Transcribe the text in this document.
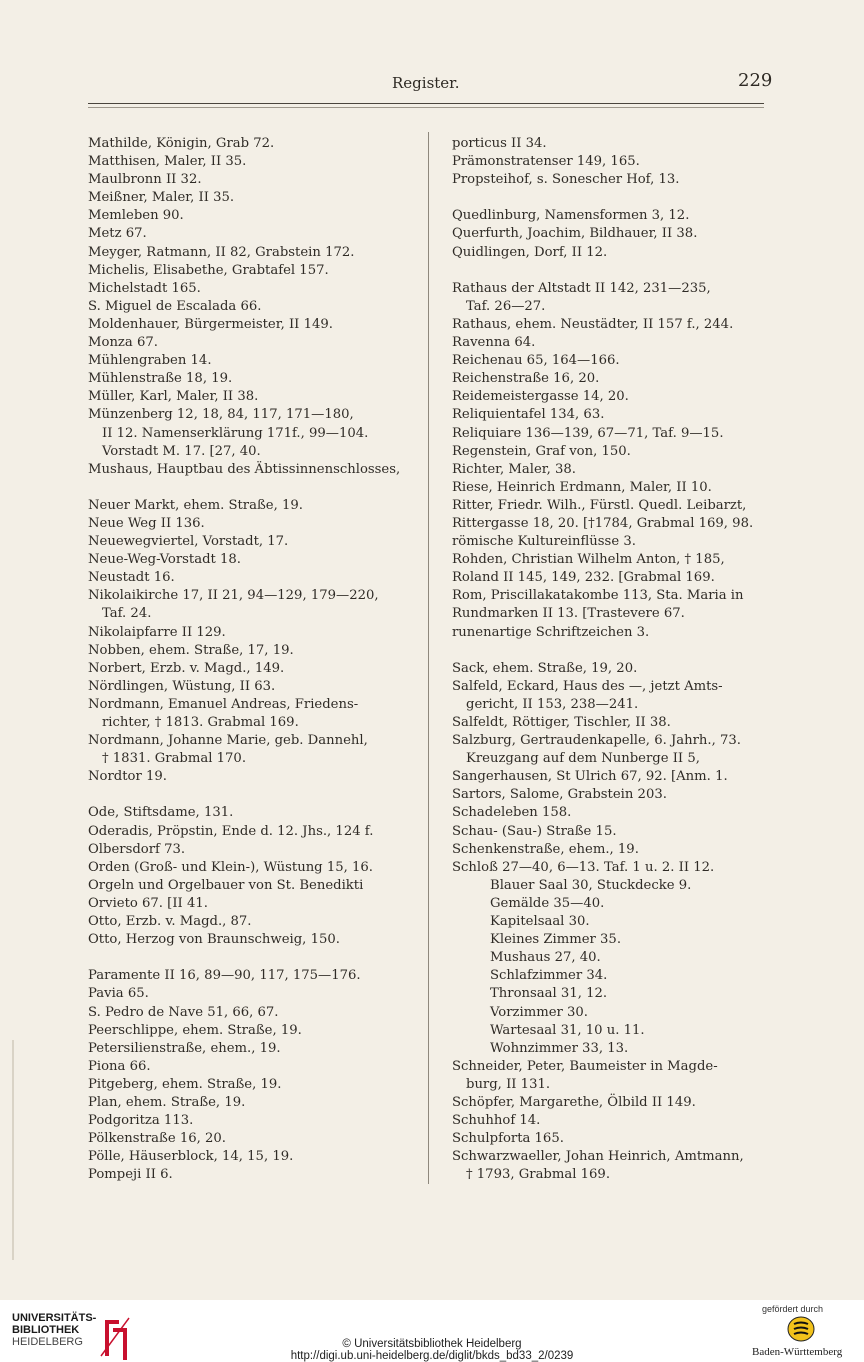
Register.	229
Mathilde, Königin, Grab 72.
Matthisen, Maler, II 35.
Maulbronn II 32.
Meißner, Maler, II 35.
Memleben 90.
Metz 67.
Meyger, Ratmann, II 82, Grabstein 172.
Michelis, Elisabethe, Grabtafel 157.
Michelstadt 165.
S. Miguel de Escalada 66.
Moldenhauer, Bürgermeister, II 149.
Monza 67.
Mühlengraben 14.
Mühlenstraße 18, 19.
Müller, Karl, Maler, II 38.
Münzenberg 12, 18, 84, 117, 171—180,
II 12. Namenserklärung 171f., 99—104.
Vorstadt M. 17. [27, 40.
Mushaus, Hauptbau des Äbtissinnenschlosses,
Neuer Markt, ehem. Straße, 19.
Neue Weg II 136.
Neuewegviertel, Vorstadt, 17.
Neue-Weg-Vorstadt 18.
Neustadt 16.
Nikolaikirche 17, II 21, 94—129, 179—220,
Taf. 24.
Nikolaipfarre II 129.
Nobben, ehem. Straße, 17, 19.
Norbert, Erzb. v. Magd., 149.
Nördlingen, Wüstung, II 63.
Nordmann, Emanuel Andreas, Friedens-
richter, † 1813. Grabmal 169.
Nordmann, Johanne Marie, geb. Dannehl,
† 1831. Grabmal 170.
Nordtor 19.
Ode, Stiftsdame, 131.
Oderadis, Pröpstin, Ende d. 12. Jhs., 124 f.
Olbersdorf 73.
Orden (Groß- und Klein-), Wüstung 15, 16.
Orgeln und Orgelbauer von St. Benedikti
Orvieto 67. [II 41.
Otto, Erzb. v. Magd., 87.
Otto, Herzog von Braunschweig, 150.
Paramente II 16, 89—90, 117, 175—176.
Pavia 65.
S. Pedro de Nave 51, 66, 67.
Peerschlippe, ehem. Straße, 19.
Petersilienstraße, ehem., 19.
Piona 66.
Pitgeberg, ehem. Straße, 19.
Plan, ehem. Straße, 19.
Podgoritza 113.
Pölkenstraße 16, 20.
Pölle, Häuserblock, 14, 15, 19.
Pompeji II 6.
porticus II 34.
Prämonstratenser 149, 165.
Propsteihof, s. Sonescher Hof, 13.
Quedlinburg, Namensformen 3, 12.
Querfurth, Joachim, Bildhauer, II 38.
Quidlingen, Dorf, II 12.
Rathaus der Altstadt II 142, 231—235,
Taf. 26—27.
Rathaus, ehem. Neustädter, II 157 f., 244.
Ravenna 64.
Reichenau 65, 164—166.
Reichenstraße 16, 20.
Reidemeistergasse 14, 20.
Reliquientafel 134, 63.
Reliquiare 136—139, 67—71, Taf. 9—15.
Regenstein, Graf von, 150.
Richter, Maler, 38.
Riese, Heinrich Erdmann, Maler, II 10.
Ritter, Friedr. Wilh., Fürstl. Quedl. Leibarzt,
Rittergasse 18, 20. [†1784, Grabmal 169, 98.
römische Kultureinflüsse 3.
Rohden, Christian Wilhelm Anton, † 185,
Roland II 145, 149, 232. [Grabmal 169.
Rom, Priscillakatakombe 113, Sta. Maria in
Rundmarken II 13. [Trastevere 67.
runenartige Schriftzeichen 3.
Sack, ehem. Straße, 19, 20.
Salfeld, Eckard, Haus des —, jetzt Amts-
gericht, II 153, 238—241.
Salfeldt, Röttiger, Tischler, II 38.
Salzburg, Gertraudenkapelle, 6. Jahrh., 73.
Kreuzgang auf dem Nunberge II 5,
Sangerhausen, St Ulrich 67, 92. [Anm. 1.
Sartors, Salome, Grabstein 203.
Schadeleben 158.
Schau- (Sau-) Straße 15.
Schenkenstraße, ehem., 19.
Schloß 27—40, 6—13. Taf. 1 u. 2. II 12.
Blauer Saal 30, Stuckdecke 9.
Gemälde 35—40.
Kapitelsaal 30.
Kleines Zimmer 35.
Mushaus 27, 40.
Schlafzimmer 34.
Thronsaal 31, 12.
Vorzimmer 30.
Wartesaal 31, 10 u. 11.
Wohnzimmer 33, 13.
Schneider, Peter, Baumeister in Magde-
burg, II 131.
Schöpfer, Margarethe, Ölbild II 149.
Schuhhof 14.
Schulpforta 165.
Schwarzwaeller, Johan Heinrich, Amtmann,
† 1793, Grabmal 169.
UNIVERSITÄTS-
BIBLIOTHEK
HEIDELBERG	© Universitätsbibliothek Heidelberg
http://digi.ub.uni-heidelberg.de/diglit/bkds_bd33_2/0239
gefördert durch
Baden-Württemberg
